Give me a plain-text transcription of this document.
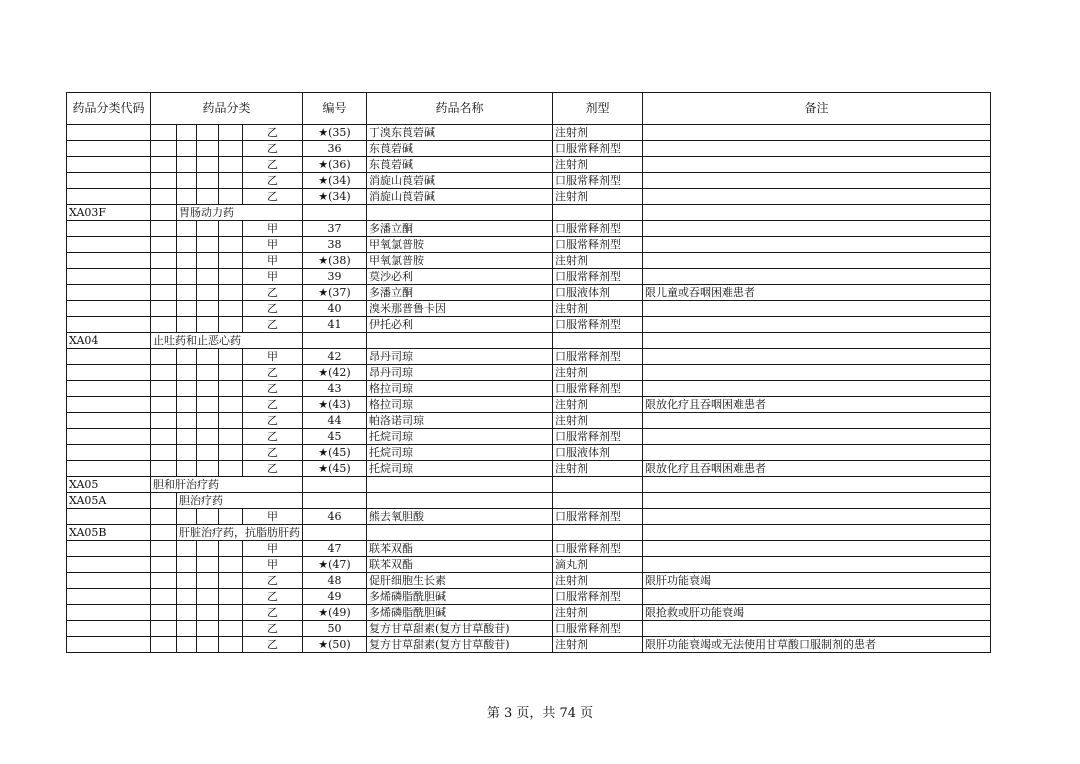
药品分类代码	药品分类					编号	药品名称	剂型	备注
					乙	★(35)	丁溴东莨菪碱	注射剂	
					乙	36	东莨菪碱	口服常释剂型	
					乙	★(36)	东莨菪碱	注射剂	
					乙	★(34)	消旋山莨菪碱	口服常释剂型	
					乙	★(34)	消旋山莨菪碱	注射剂	
XA03F		胃肠动力药							
					甲	37	多潘立酮	口服常释剂型	
					甲	38	甲氧氯普胺	口服常释剂型	
					甲	★(38)	甲氧氯普胺	注射剂	
					甲	39	莫沙必利	口服常释剂型	
					乙	★(37)	多潘立酮	口服液体剂	限儿童或吞咽困难患者
					乙	40	溴米那普鲁卡因	注射剂	
					乙	41	伊托必利	口服常释剂型	
XA04	止吐药和止恶心药								
					甲	42	昂丹司琼	口服常释剂型	
					乙	★(42)	昂丹司琼	注射剂	
					乙	43	格拉司琼	口服常释剂型	
					乙	★(43)	格拉司琼	注射剂	限放化疗且吞咽困难患者
					乙	44	帕洛诺司琼	注射剂	
					乙	45	托烷司琼	口服常释剂型	
					乙	★(45)	托烷司琼	口服液体剂	
					乙	★(45)	托烷司琼	注射剂	限放化疗且吞咽困难患者
XA05	胆和肝治疗药								
XA05A		胆治疗药							
					甲	46	熊去氧胆酸	口服常释剂型	
XA05B		肝脏治疗药，抗脂肪肝药							
					甲	47	联苯双酯	口服常释剂型	
					甲	★(47)	联苯双酯	滴丸剂	
					乙	48	促肝细胞生长素	注射剂	限肝功能衰竭
					乙	49	多烯磷脂酰胆碱	口服常释剂型	
					乙	★(49)	多烯磷脂酰胆碱	注射剂	限抢救或肝功能衰竭
					乙	50	复方甘草甜素(复方甘草酸苷)	口服常释剂型	
					乙	★(50)	复方甘草甜素(复方甘草酸苷)	注射剂	限肝功能衰竭或无法使用甘草酸口服制剂的患者
第 3 页，共 74 页
